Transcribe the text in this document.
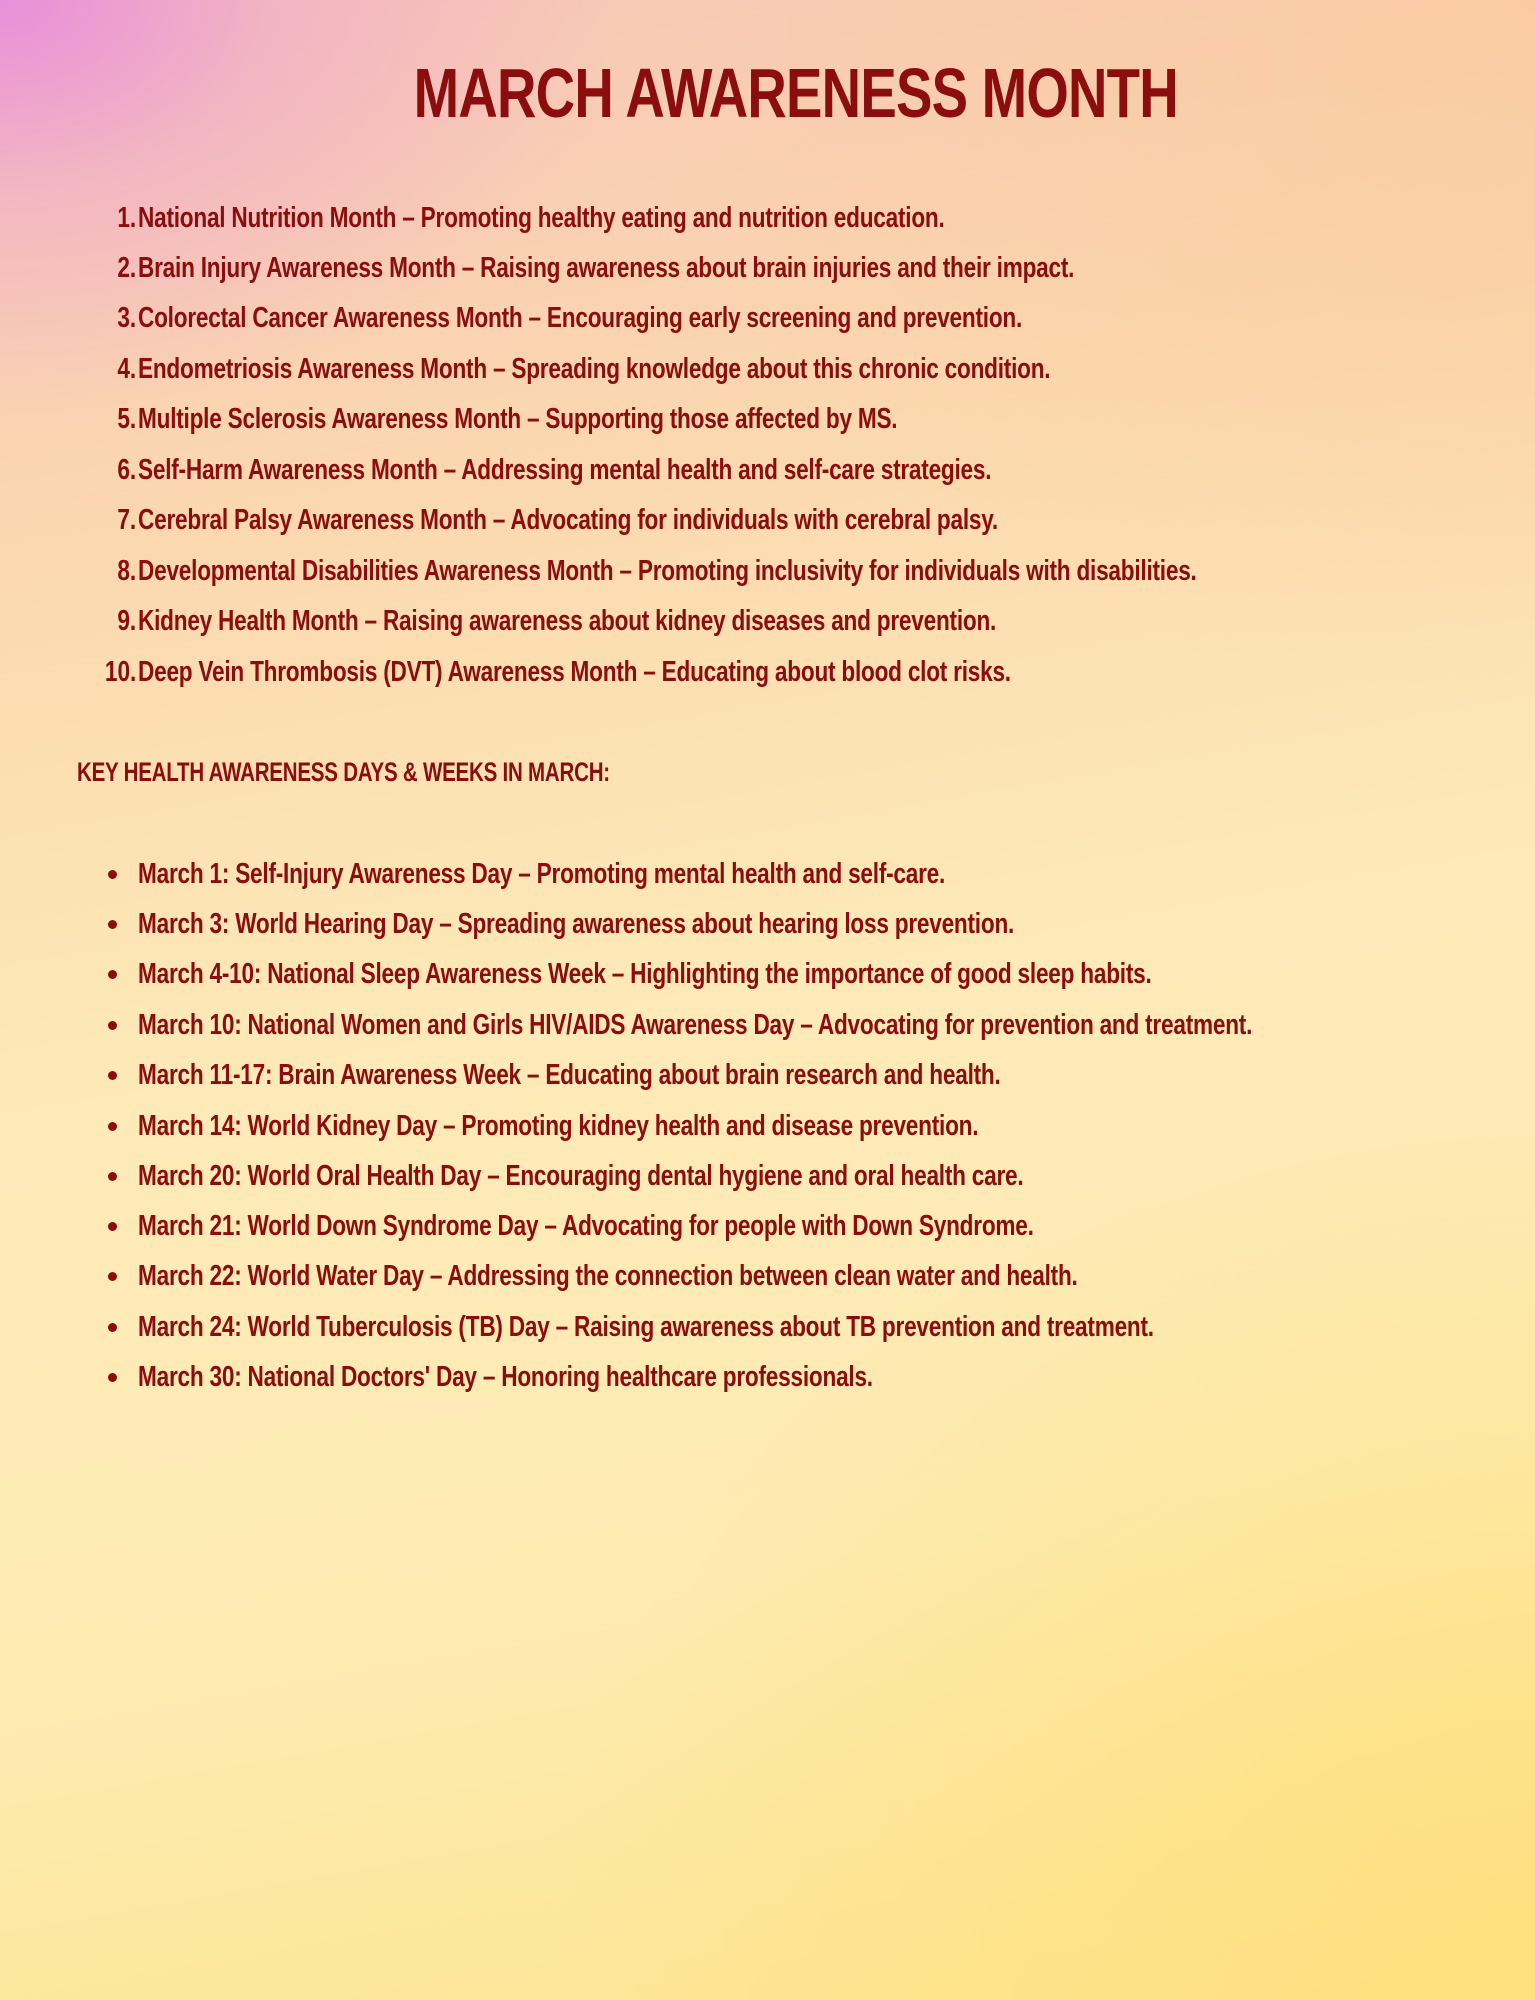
MARCH AWARENESS MONTH
1. National Nutrition Month – Promoting healthy eating and nutrition education.
2. Brain Injury Awareness Month – Raising awareness about brain injuries and their impact.
3. Colorectal Cancer Awareness Month – Encouraging early screening and prevention.
4. Endometriosis Awareness Month – Spreading knowledge about this chronic condition.
5. Multiple Sclerosis Awareness Month – Supporting those affected by MS.
6. Self-Harm Awareness Month – Addressing mental health and self-care strategies.
7. Cerebral Palsy Awareness Month – Advocating for individuals with cerebral palsy.
8. Developmental Disabilities Awareness Month – Promoting inclusivity for individuals with disabilities.
9. Kidney Health Month – Raising awareness about kidney diseases and prevention.
10. Deep Vein Thrombosis (DVT) Awareness Month – Educating about blood clot risks.
KEY HEALTH AWARENESS DAYS & WEEKS IN MARCH:
March 1: Self-Injury Awareness Day – Promoting mental health and self-care.
March 3: World Hearing Day – Spreading awareness about hearing loss prevention.
March 4-10: National Sleep Awareness Week – Highlighting the importance of good sleep habits.
March 10: National Women and Girls HIV/AIDS Awareness Day – Advocating for prevention and treatment.
March 11-17: Brain Awareness Week – Educating about brain research and health.
March 14: World Kidney Day – Promoting kidney health and disease prevention.
March 20: World Oral Health Day – Encouraging dental hygiene and oral health care.
March 21: World Down Syndrome Day – Advocating for people with Down Syndrome.
March 22: World Water Day – Addressing the connection between clean water and health.
March 24: World Tuberculosis (TB) Day – Raising awareness about TB prevention and treatment.
March 30: National Doctors' Day – Honoring healthcare professionals.
